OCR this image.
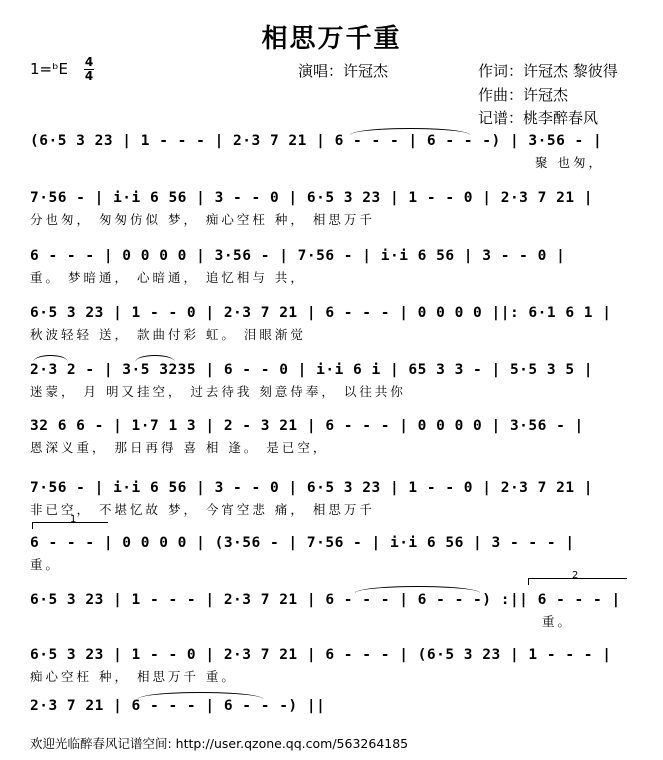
相思万千重
1=ᵇE 4
4	演唱：许冠杰	作词：许冠杰 黎彼得
作曲：许冠杰
记谱：桃李醉春风
(6·5 3 23 | 1 - - - | 2·3 7 21 | 6 - - - | 6 - - -) | 3·56 - |
聚 也匆，
7·56 - | i·i 6 56 | 3 - - 0 | 6·5 3 23 | 1 - - 0 | 2·3 7 21 |
分也匆， 匆匆仿似 梦， 痴心空枉 种， 相思万千
6 - - - | 0 0 0 0 | 3·56 - | 7·56 - | i·i 6 56 | 3 - - 0 |
重。 梦暗通， 心暗通， 追忆相与 共，
6·5 3 23 | 1 - - 0 | 2·3 7 21 | 6 - - - | 0 0 0 0 ||: 6·1 6 1 |
秋波轻轻 送， 款曲付彩 虹。 泪眼渐觉
2·3 2 - | 3·5 3235 | 6 - - 0 | i·i 6 i | 65 3 3 - | 5·5 3 5 |
迷蒙， 月 明又挂空， 过去待我 刻意侍奉， 以往共你
32 6 6 - | 1·7 1 3 | 2 - 3 21 | 6 - - - | 0 0 0 0 | 3·56 - |
恩深义重， 那日再得 喜 相 逢。 是已空，
7·56 - | i·i 6 56 | 3 - - 0 | 6·5 3 23 | 1 - - 0 | 2·3 7 21 |
非已空， 不堪忆故 梦， 今宵空悲 痛， 相思万千
1
6 - - - | 0 0 0 0 | (3·56 - | 7·56 - | i·i 6 56 | 3 - - - |
重。
2
6·5 3 23 | 1 - - - | 2·3 7 21 | 6 - - - | 6 - - -) :|| 6 - - - |
重。
6·5 3 23 | 1 - - 0 | 2·3 7 21 | 6 - - - | (6·5 3 23 | 1 - - - |
痴心空枉 种， 相思万千 重。
2·3 7 21 | 6 - - - | 6 - - -) ||
欢迎光临醉春风记谱空间: http://user.qzone.qq.com/563264185
